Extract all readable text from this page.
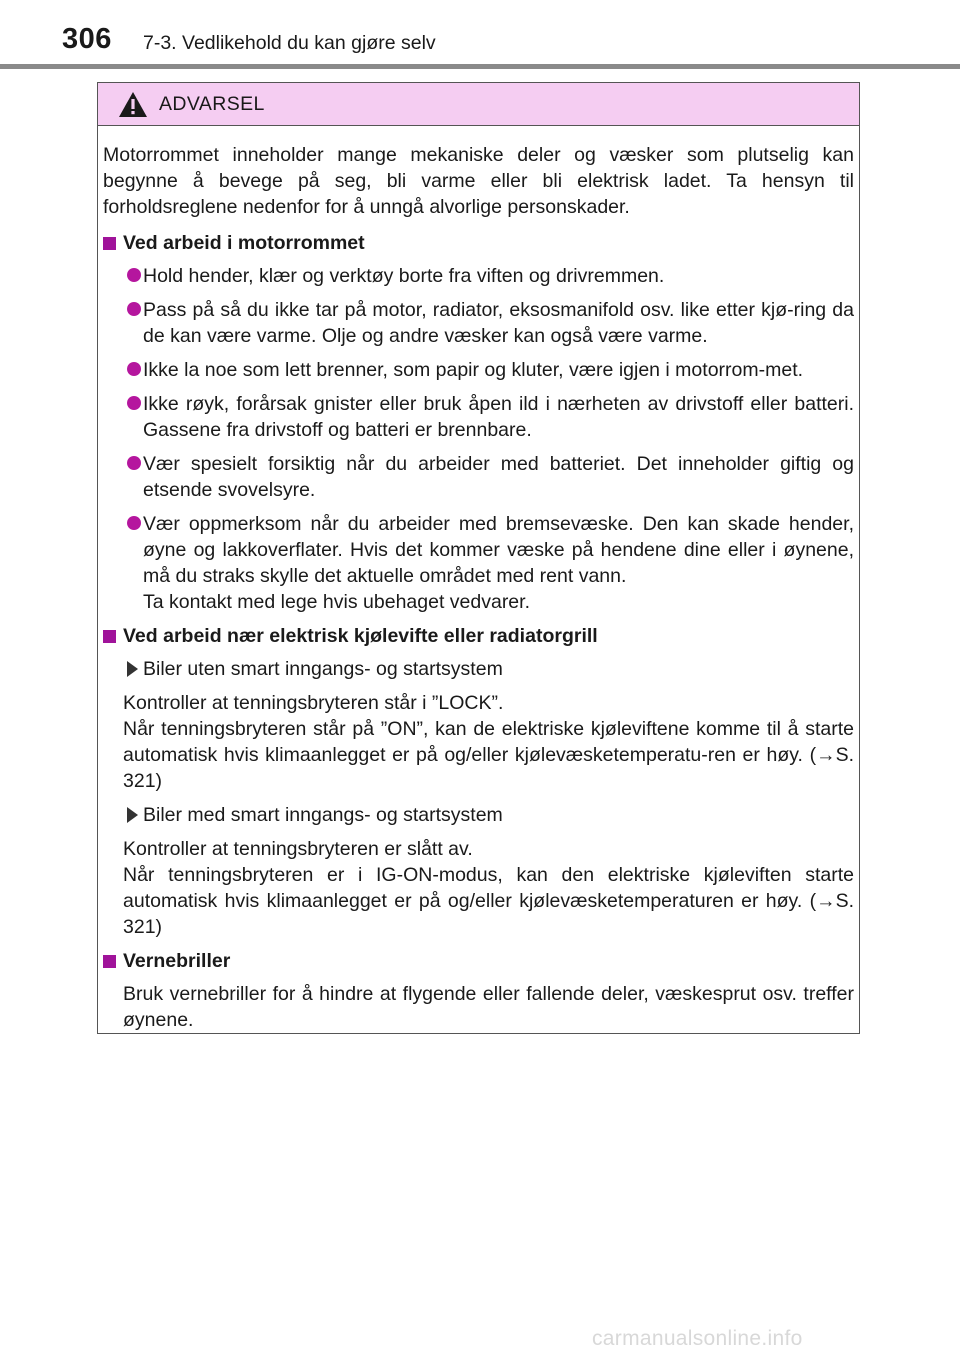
306 7-3. Vedlikehold du kan gjøre selv
ADVARSEL

Motorrommet inneholder mange mekaniske deler og væsker som plutselig kan begynne å bevege på seg, bli varme eller bli elektrisk ladet. Ta hensyn til forholdsreglene nedenfor for å unngå alvorlige personskader.

Ved arbeid i motorrommet

Hold hender, klær og verktøy borte fra viften og drivremmen.

Pass på så du ikke tar på motor, radiator, eksosmanifold osv. like etter kjø-ring da de kan være varme. Olje og andre væsker kan også være varme.

Ikke la noe som lett brenner, som papir og kluter, være igjen i motorrom-met.

Ikke røyk, forårsak gnister eller bruk åpen ild i nærheten av drivstoff eller batteri. Gassene fra drivstoff og batteri er brennbare.

Vær spesielt forsiktig når du arbeider med batteriet. Det inneholder giftig og etsende svovelsyre.

Vær oppmerksom når du arbeider med bremsevæske. Den kan skade hender, øyne og lakkoverflater. Hvis det kommer væske på hendene dine eller i øynene, må du straks skylle det aktuelle området med rent vann.

Ta kontakt med lege hvis ubehaget vedvarer.

Ved arbeid nær elektrisk kjølevifte eller radiatorgrill
Biler uten smart inngangs- og startsystem

Kontroller at tenningsbryteren står i ”LOCK”.

Når tenningsbryteren står på ”ON”, kan de elektriske kjøleviftene komme til å starte automatisk hvis klimaanlegget er på og/eller kjølevæsketemperatu-ren er høy. (→S. 321)

Biler med smart inngangs- og startsystem

Kontroller at tenningsbryteren er slått av.

Når tenningsbryteren er i IG-ON-modus, kan den elektriske kjøleviften starte automatisk hvis klimaanlegget er på og/eller kjølevæsketemperaturen er høy. (→S. 321)

Vernebriller

Bruk vernebriller for å hindre at flygende eller fallende deler, væskesprut osv. treffer øynene.

carmanualsonline.info
